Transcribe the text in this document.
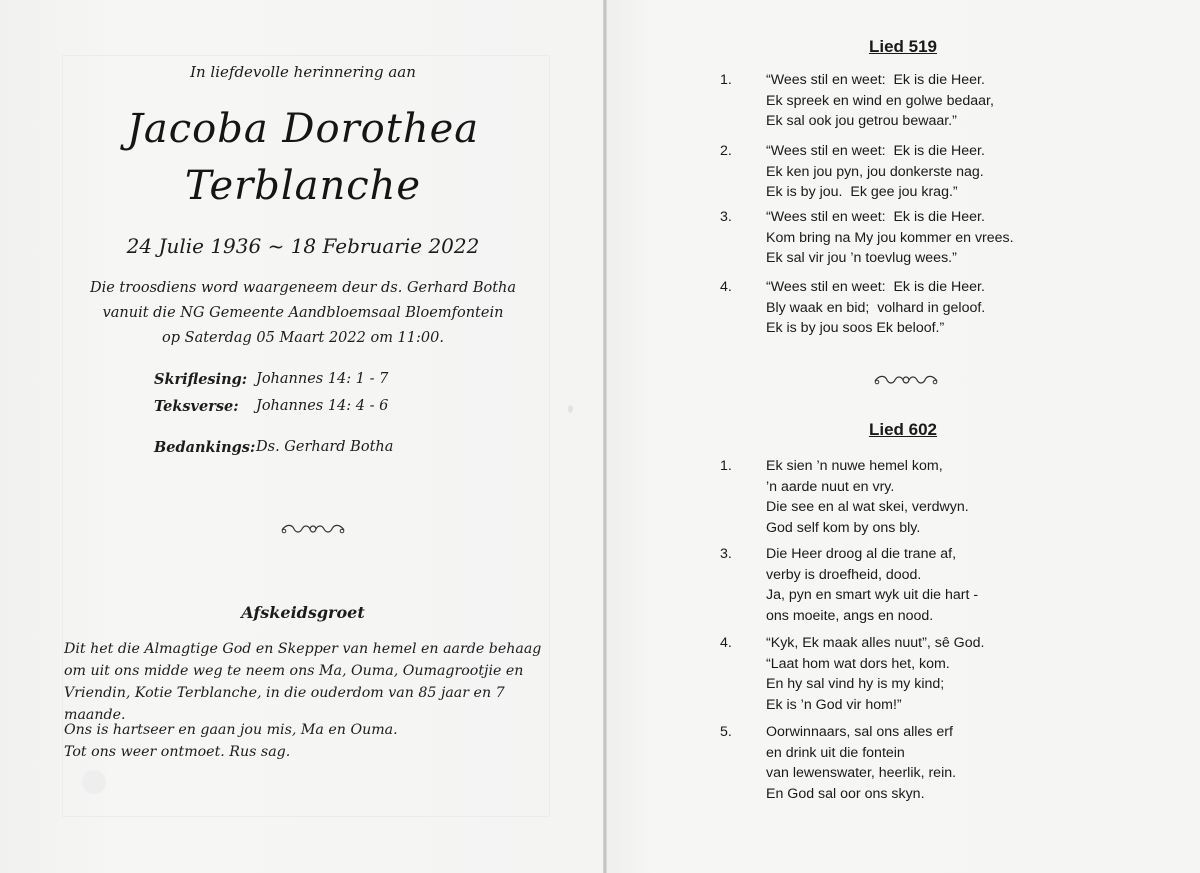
In liefdevolle herinnering aan
Jacoba Dorothea
Terblanche
24 Julie 1936 ~ 18 Februarie 2022
Die troosdiens word waargeneem deur ds. Gerhard Botha
vanuit die NG Gemeente Aandbloemsaal Bloemfontein
op Saterdag 05 Maart 2022 om 11:00.
Skriflesing: Johannes 14: 1 - 7
Teksverse: Johannes 14: 4 - 6
Bedankings: Ds. Gerhard Botha
Afskeidsgroet
Dit het die Almagtige God en Skepper van hemel en aarde behaag om uit ons midde weg te neem ons Ma, Ouma, Oumagrootjie en Vriendin, Kotie Terblanche, in die ouderdom van 85 jaar en 7 maande.
Ons is hartseer en gaan jou mis, Ma en Ouma.
Tot ons weer ontmoet. Rus sag.
Lied 519
1. “Wees stil en weet:  Ek is die Heer.
Ek spreek en wind en golwe bedaar,
Ek sal ook jou getrou bewaar.”
2. “Wees stil en weet:  Ek is die Heer.
Ek ken jou pyn, jou donkerste nag.
Ek is by jou.  Ek gee jou krag.”
3. “Wees stil en weet:  Ek is die Heer.
Kom bring na My jou kommer en vrees.
Ek sal vir jou ’n toevlug wees.”
4. “Wees stil en weet:  Ek is die Heer.
Bly waak en bid;  volhard in geloof.
Ek is by jou soos Ek beloof.”
Lied 602
1. Ek sien ’n nuwe hemel kom,
’n aarde nuut en vry.
Die see en al wat skei, verdwyn.
God self kom by ons bly.
3. Die Heer droog al die trane af,
verby is droefheid, dood.
Ja, pyn en smart wyk uit die hart -
ons moeite, angs en nood.
4. “Kyk, Ek maak alles nuut”, sê God.
“Laat hom wat dors het, kom.
En hy sal vind hy is my kind;
Ek is ’n God vir hom!”
5. Oorwinnaars, sal ons alles erf
en drink uit die fontein
van lewenswater, heerlik, rein.
En God sal oor ons skyn.
